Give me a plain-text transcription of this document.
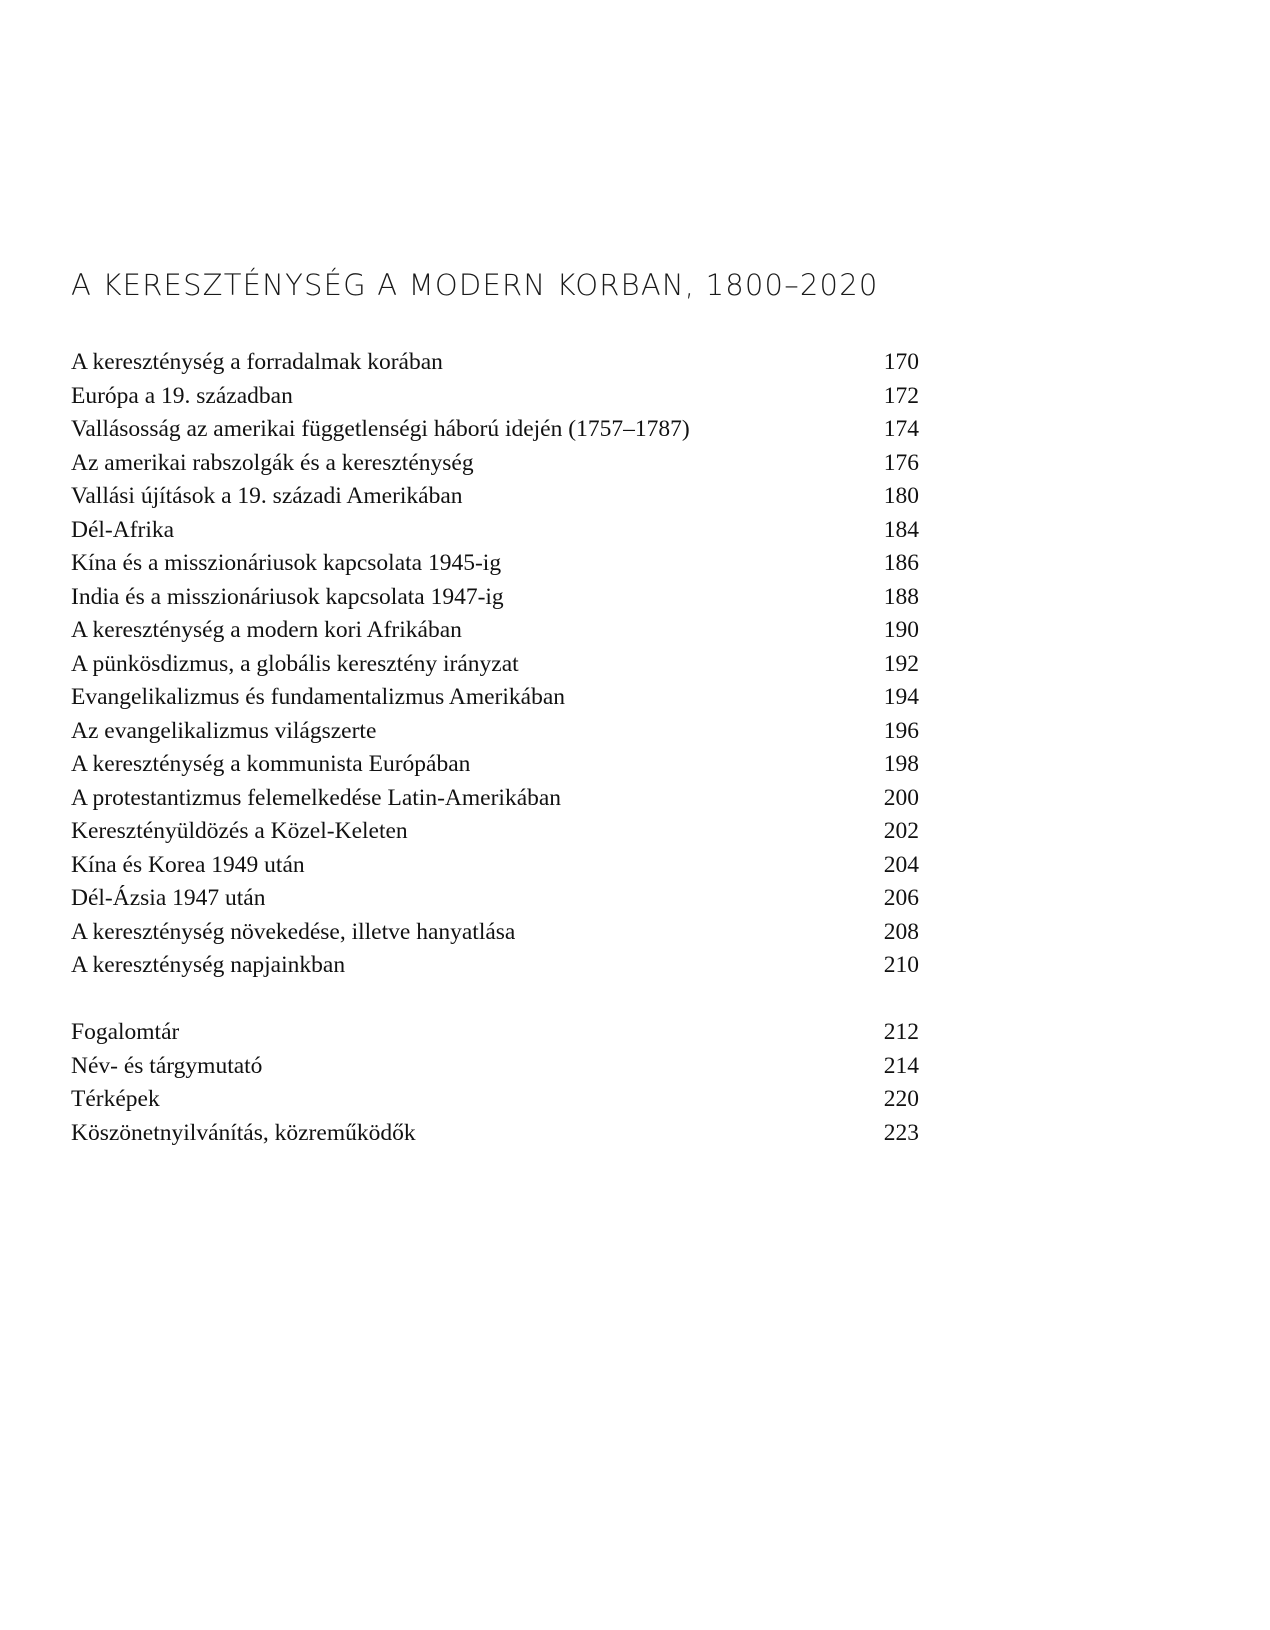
A KERESZTÉNYSÉG A MODERN KORBAN, 1800–2020
A kereszténység a forradalmak korában	170
Európa a 19. században	172
Vallásosság az amerikai függetlenségi háború idején (1757–1787)	174
Az amerikai rabszolgák és a kereszténység	176
Vallási újítások a 19. századi Amerikában	180
Dél-Afrika	184
Kína és a misszionáriusok kapcsolata 1945-ig	186
India és a misszionáriusok kapcsolata 1947-ig	188
A kereszténység a modern kori Afrikában	190
A pünkösdizmus, a globális keresztény irányzat	192
Evangelikalizmus és fundamentalizmus Amerikában	194
Az evangelikalizmus világszerte	196
A kereszténység a kommunista Európában	198
A protestantizmus felemelkedése Latin-Amerikában	200
Keresztényüldözés a Közel-Keleten	202
Kína és Korea 1949 után	204
Dél-Ázsia 1947 után	206
A kereszténység növekedése, illetve hanyatlása	208
A kereszténység napjainkban	210
Fogalomtár	212
Név- és tárgymutató	214
Térképek	220
Köszönetnyilvánítás, közreműködők	223
